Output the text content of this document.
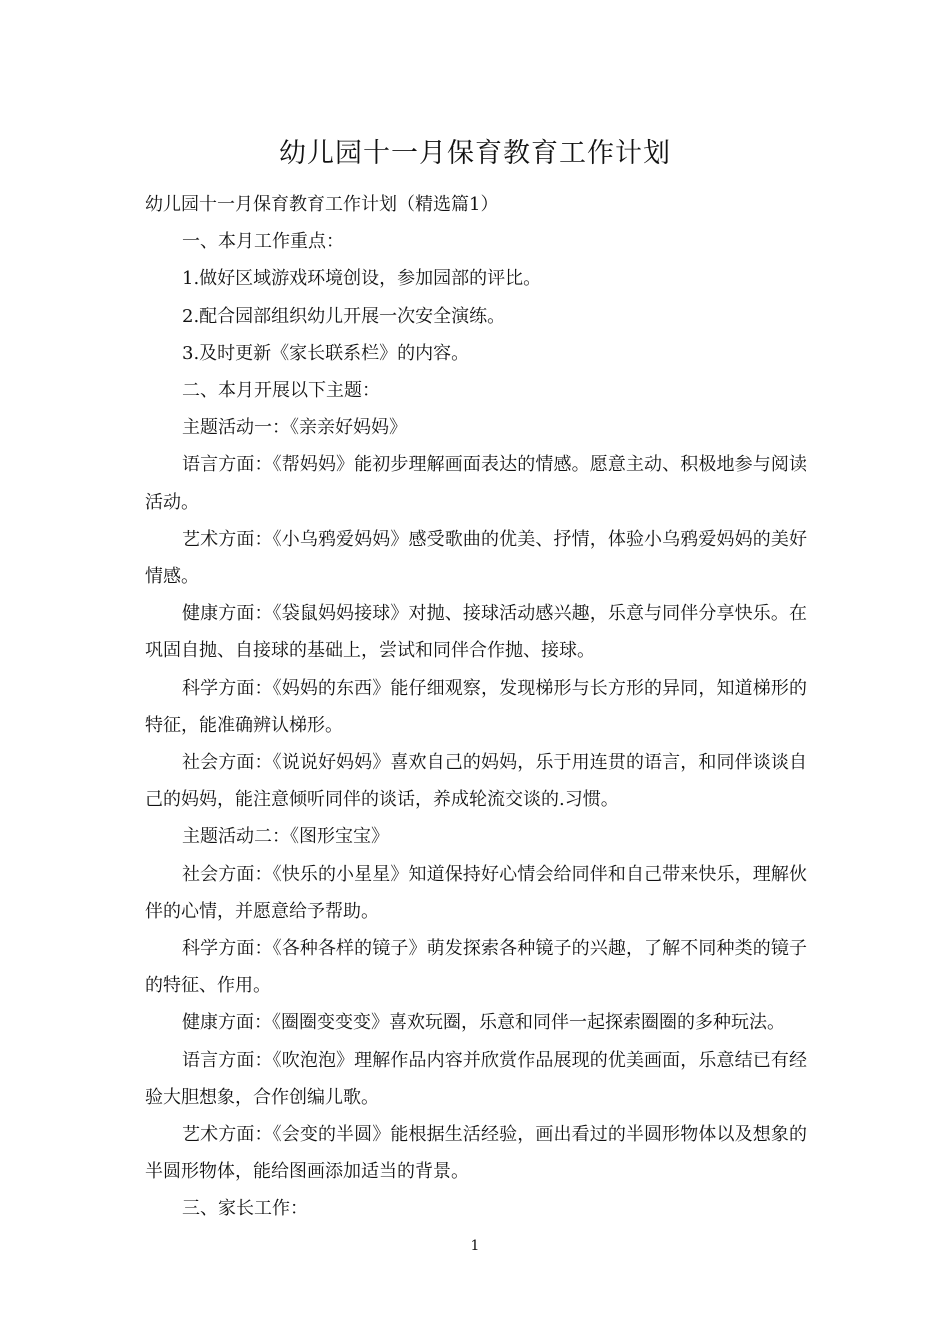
幼儿园十一月保育教育工作计划

幼儿园十一月保育教育工作计划（精选篇1）

一、本月工作重点：

1.做好区域游戏环境创设，参加园部的评比。

2.配合园部组织幼儿开展一次安全演练。

3.及时更新《家长联系栏》的内容。

二、本月开展以下主题：

主题活动一：《亲亲好妈妈》

语言方面：《帮妈妈》能初步理解画面表达的情感。愿意主动、积极地参与阅读活动。

艺术方面：《小乌鸦爱妈妈》感受歌曲的优美、抒情，体验小乌鸦爱妈妈的美好情感。

健康方面：《袋鼠妈妈接球》对抛、接球活动感兴趣，乐意与同伴分享快乐。在巩固自抛、自接球的基础上，尝试和同伴合作抛、接球。

科学方面：《妈妈的东西》能仔细观察，发现梯形与长方形的异同，知道梯形的特征，能准确辨认梯形。

社会方面：《说说好妈妈》喜欢自己的妈妈，乐于用连贯的语言，和同伴谈谈自己的妈妈，能注意倾听同伴的谈话，养成轮流交谈的.习惯。

主题活动二：《图形宝宝》

社会方面：《快乐的小星星》知道保持好心情会给同伴和自己带来快乐，理解伙伴的心情，并愿意给予帮助。

科学方面：《各种各样的镜子》萌发探索各种镜子的兴趣，了解不同种类的镜子的特征、作用。

健康方面：《圈圈变变变》喜欢玩圈，乐意和同伴一起探索圈圈的多种玩法。

语言方面：《吹泡泡》理解作品内容并欣赏作品展现的优美画面，乐意结已有经验大胆想象，合作创编儿歌。

艺术方面：《会变的半圆》能根据生活经验，画出看过的半圆形物体以及想象的半圆形物体，能给图画添加适当的背景。

三、家长工作：

1
